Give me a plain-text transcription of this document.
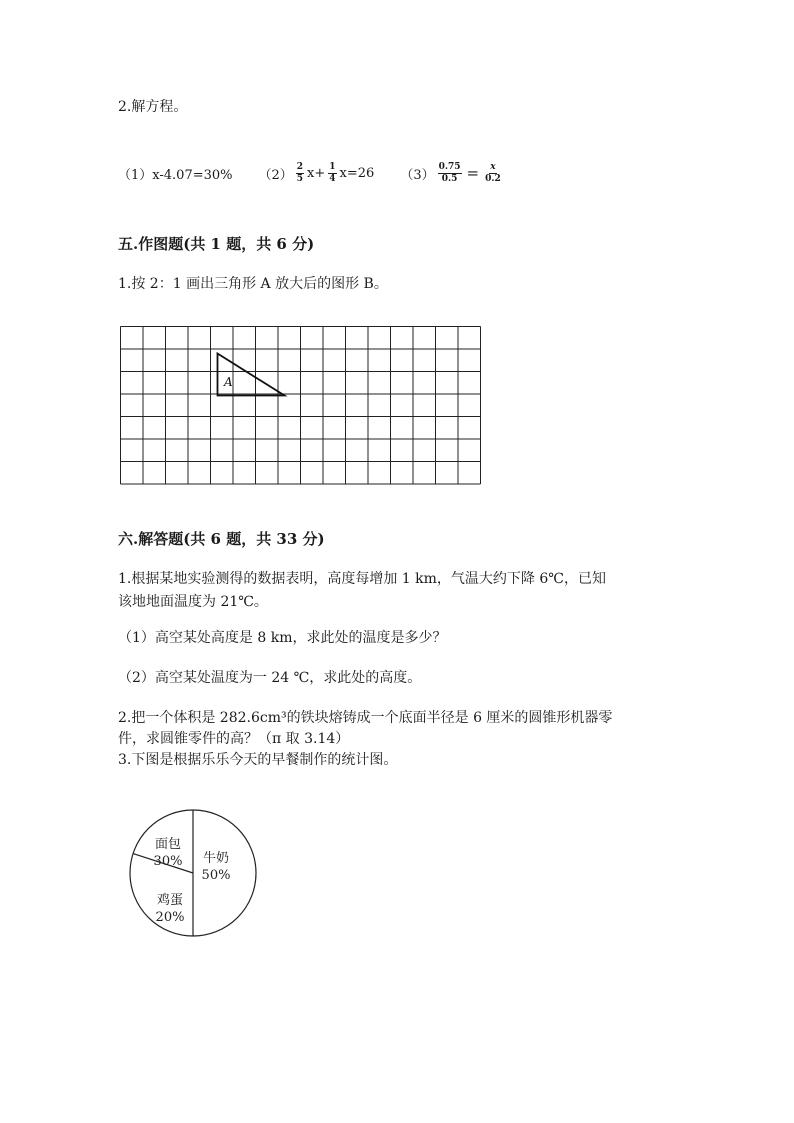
2.解方程。
（1）x-4.07=30% $(2) \frac{2}{5} x+ \frac{1}{4} x=26$ $(3) \frac{0.75}{0.5} = \frac{x}{0.2}$
五.作图题(共 1 题，共 6 分)
1.按 2：1 画出三角形 A 放大后的图形 B。
A
六.解答题(共 6 题，共 33 分)
1.根据某地实验测得的数据表明，高度每增加 1 km，气温大约下降 6℃，已知
该地地面温度为 21℃。
（1）高空某处高度是 8 km，求此处的温度是多少？
（2）高空某处温度为一 24 ℃，求此处的高度。
2.把一个体积是 282.6cm³的铁块熔铸成一个底面半径是 6 厘米的圆锥形机器零
件，求圆锥零件的高？（π 取 3.14）
3.下图是根据乐乐今天的早餐制作的统计图。
牛奶
50%
面包
30%
鸡蛋
20%
